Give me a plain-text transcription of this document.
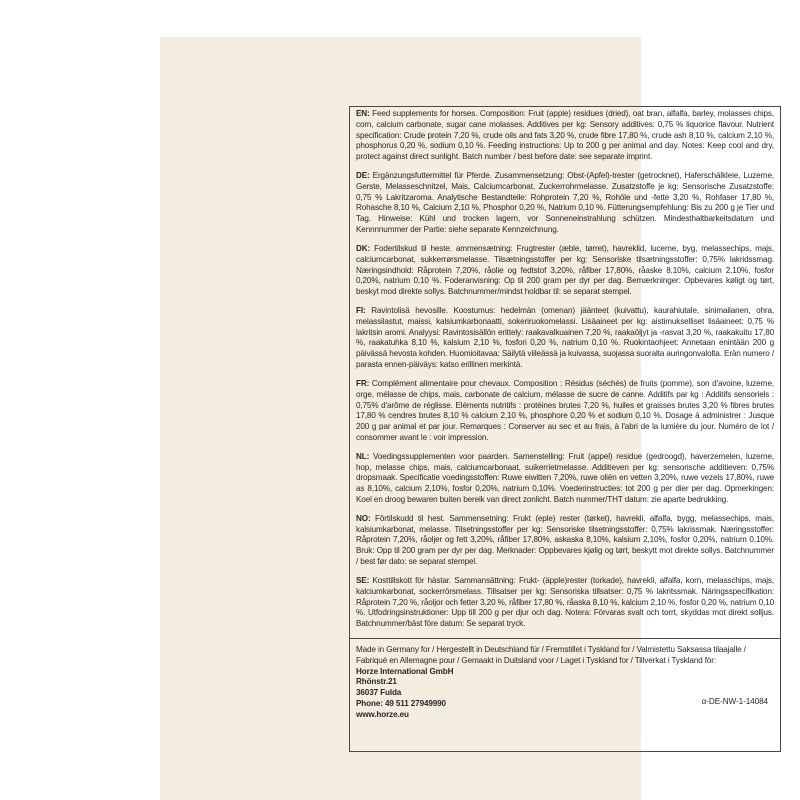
EN: Feed supplements for horses. Composition: Fruit (apple) residues (dried), oat bran, alfalfa, barley, molasses chips, corn, calcium carbonate, sugar cane molasses. Additives per kg: Sensory additives: 0,75 % liquorice flavour. Nutrient specification: Crude protein 7,20 %, crude oils and fats 3,20 %, crude fibre 17,80 %, crude ash 8,10 %, calcium 2,10 %, phosphorus 0,20 %, sodium 0,10 %. Feeding instructions: Up to 200 g per animal and day. Notes: Keep cool and dry, protect against direct sunlight. Batch number / best before date: see separate imprint.

DE: Ergänzungsfuttermittel für Pferde. Zusammensetzung: Obst-(Apfel)-trester (getrocknet), Haferschälkleie, Luzerne, Gerste, Melasseschnitzel, Mais, Calciumcarbonat, Zuckerrohrmelasse. Zusatzstoffe je kg: Sensorische Zusatzstoffe: 0,75 % Lakritzaroma. Analytische Bestandteile: Rohprotein 7,20 %, Rohöle und -fette 3,20 %, Rohfaser 17,80 %, Rohasche 8,10 %, Calcium 2,10 %, Phosphor 0,20 %, Natrium 0,10 %. Fütterungsempfehlung: Bis zu 200 g je Tier und Tag. Hinweise: Kühl und trocken lagern, vor Sonneneinstrahlung schützen. Mindesthaltbarkeitsdatum und Kennnnummer der Partie: siehe separate Kennzeichnung.

DK: Fodertilskud til heste. ammensætning: Frugtrester (æble, tørret), havreklid, lucerne, byg, melassechips, majs, calciumcarbonat, sukkerrørsmelasse. Tilsætningsstoffer per kg: Sensoriske tilsætningsstoffer: 0,75% lakridssmag. Næringsindhold: Råprotein 7,20%, råolie og fedtstof 3,20%, råfiber 17,80%, råaske 8,10%, calcium 2,10%, fosfor 0,20%, natrium 0,10 %. Foderanvisning: Op til 200 gram per dyr per dag. Bemærkninger: Opbevares køligt og tørt, beskyt mod direkte sollys. Batchnummer/mindst holdbar til: se separat stempel.

FI: Ravintolisä hevosille. Koostumus: hedelmän (omenan) jäänteet (kuivattu), kaurahiutale, sinimailanen, ohra, melassilastut, maissi, kalsiumkarbonaatti, sokeriruokomelassi. Lisäaineet per kg: aistimukselliset lisäaineet: 0,75 % lakritsin aromi. Analyysi: Ravintosisällön erittely: raakavalkuainen 7,20 %, raakaöljyt ja -rasvat 3,20 %, raakakuitu 17,80 %, raakatuhka 8,10 %, kalsium 2,10 %, fosfori 0,20 %, natrium 0,10 %. Ruokintaohjeet: Annetaan enintään 200 g päivässä hevosta kohden. Huomioitavaa: Säilytä viileässä ja kuivassa, suojassa suoralta auringonvalolta. Erän numero / parasta ennen-päiväys: katso erillinen merkintä.

FR: Complément alimentaire pour chevaux. Composition : Résidus (séchés) de fruits (pomme), son d'avoine, luzerne, orge, mélasse de chips, mais, carbonate de calcium, mélasse de sucre de canne. Additifs par kg : Additifs sensoriels : 0,75% d'arôme de réglisse. Eléments nutritifs : protéines brutes 7,20 %, huiles et graisses brutes 3,20 % fibres brutes 17,80 % cendres brutes 8,10 % calcium 2,10 %, phosphore 0,20 % et sodium 0,10 %. Dosage à administrer : Jusque 200 g par animal et par jour. Remarques : Conserver au sec et au frais, à l'abri de la lumière du jour. Numéro de lot / consommer avant le : voir impression.

NL: Voedingssupplementen voor paarden. Samenstelling: Fruit (appel) residue (gedroogd), haverzemelen, luzerne, hop, melasse chips, mais, calciumcarbonaat, suikerrietmelasse. Additieven per kg: sensorische additieven: 0,75% dropsmaak. Specificatie voedingsstoffen: Ruwe eiwitten 7,20%, ruwe oliën en vetten 3,20%, ruwe vezels 17,80%, ruwe as 8,10%, calcium 2,10%, fosfor 0,20%, natrium 0,10%. Voederinstructies: tot 200 g per dier per dag. Opmerkingen: Koel en droog bewaren buiten bereik van direct zonlicht. Batch nummer/THT datum: zie aparte bedrukking.

NO: Fôrtilskudd til hest. Sammensetning: Frukt (eple) rester (tørket), havrekli, alfalfa, bygg, melassechips, mais, kalsiumkarbonat, melasse. Tilsetningsstoffer per kg: Sensoriske tilsetningsstoffer: 0,75% lakrissmak. Næringsstoffer: Råprotein 7,20%, råoljer og fett 3,20%, råfiber 17,80%, askaska 8,10%, kalsium 2,10%, fosfor 0,20%, natrium 0,10%. Bruk: Opp til 200 gram per dyr per dag. Merknader: Oppbevares kjølig og tørt, beskytt mot direkte sollys. Batchnummer / best før dato: se separat stempel.

SE: Kosttillskott för hästar. Sammansättning: Frukt- (äpple)rester (torkade), havrekli, alfalfa, korn, melasschips, majs, kalciumkarbonat, sockerrörsmelass. Tillsatser per kg: Sensoriska tillsatser: 0,75 % lakritssmak. Näringsspecifikation: Råprotein 7,20 %, råoljor och fetter 3,20 %, råfiber 17,80 %, råaska 8,10 %, kalcium 2,10 %, fosfor 0,20 %, natrium 0,10 %. Utfodringsinstruktioner: Upp till 200 g per djur och dag. Notera: Förvaras svalt och torrt, skyddas mot direkt solljus. Batchnummer/bäst före datum: Se separat tryck.

Made in Germany for / Hergestellt in Deutschland für / Fremstillet i Tyskland for / Valmistettu Saksassa tilaajalle / Fabriqué en Allemagne pour / Gemaakt in Duitsland voor / Laget i Tyskland for / Tillverkat i Tyskland för:
Horze International GmbH
Rhönstr.21
36037 Fulda
Phone: 49 511 27949990
www.horze.eu
α-DE-NW-1-14084
